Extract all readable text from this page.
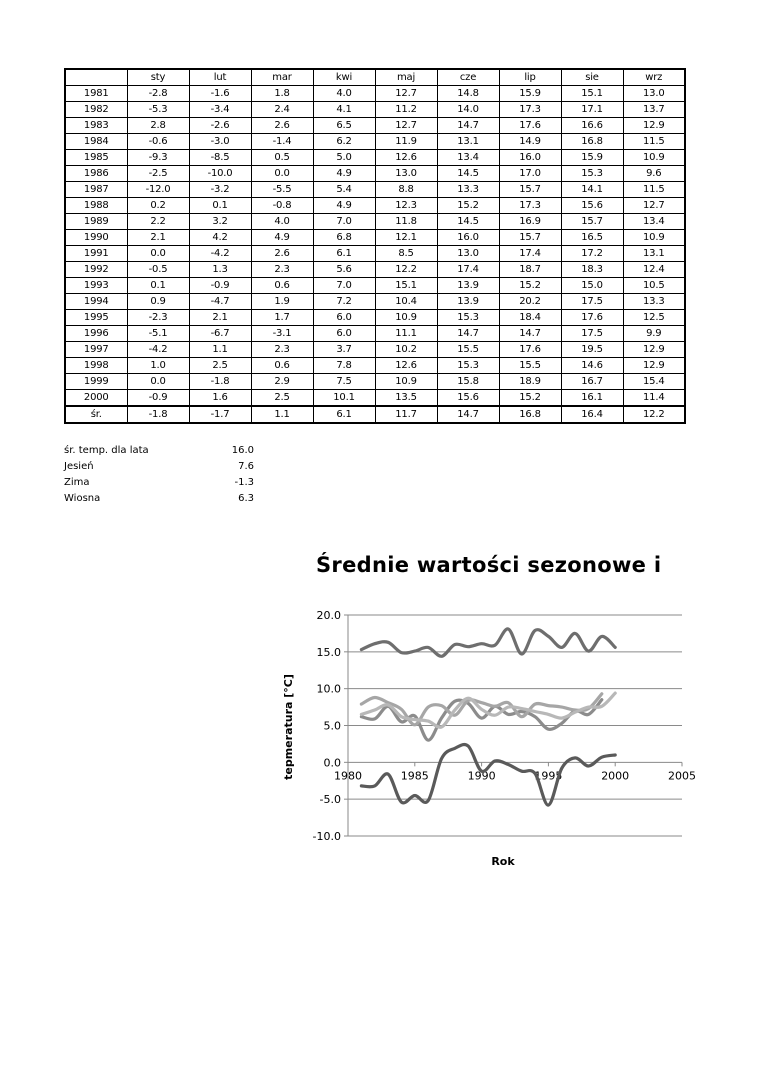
	sty	lut	mar	kwi	maj	cze	lip	sie	wrz
1981	-2.8	-1.6	1.8	4.0	12.7	14.8	15.9	15.1	13.0
1982	-5.3	-3.4	2.4	4.1	11.2	14.0	17.3	17.1	13.7
1983	2.8	-2.6	2.6	6.5	12.7	14.7	17.6	16.6	12.9
1984	-0.6	-3.0	-1.4	6.2	11.9	13.1	14.9	16.8	11.5
1985	-9.3	-8.5	0.5	5.0	12.6	13.4	16.0	15.9	10.9
1986	-2.5	-10.0	0.0	4.9	13.0	14.5	17.0	15.3	9.6
1987	-12.0	-3.2	-5.5	5.4	8.8	13.3	15.7	14.1	11.5
1988	0.2	0.1	-0.8	4.9	12.3	15.2	17.3	15.6	12.7
1989	2.2	3.2	4.0	7.0	11.8	14.5	16.9	15.7	13.4
1990	2.1	4.2	4.9	6.8	12.1	16.0	15.7	16.5	10.9
1991	0.0	-4.2	2.6	6.1	8.5	13.0	17.4	17.2	13.1
1992	-0.5	1.3	2.3	5.6	12.2	17.4	18.7	18.3	12.4
1993	0.1	-0.9	0.6	7.0	15.1	13.9	15.2	15.0	10.5
1994	0.9	-4.7	1.9	7.2	10.4	13.9	20.2	17.5	13.3
1995	-2.3	2.1	1.7	6.0	10.9	15.3	18.4	17.6	12.5
1996	-5.1	-6.7	-3.1	6.0	11.1	14.7	14.7	17.5	9.9
1997	-4.2	1.1	2.3	3.7	10.2	15.5	17.6	19.5	12.9
1998	1.0	2.5	0.6	7.8	12.6	15.3	15.5	14.6	12.9
1999	0.0	-1.8	2.9	7.5	10.9	15.8	18.9	16.7	15.4
2000	-0.9	1.6	2.5	10.1	13.5	15.6	15.2	16.1	11.4
śr.	-1.8	-1.7	1.1	6.1	11.7	14.7	16.8	16.4	12.2
śr. temp. dla lata	16.0
Jesień	7.6
Zima	-1.3
Wiosna	6.3
Średnie wartości sezonowe i
-10.0
-5.0
0.0
5.0
10.0
15.0
20.0
1980	1985	1990	1995	2000	2005
tepmeratura [°C]
Rok
